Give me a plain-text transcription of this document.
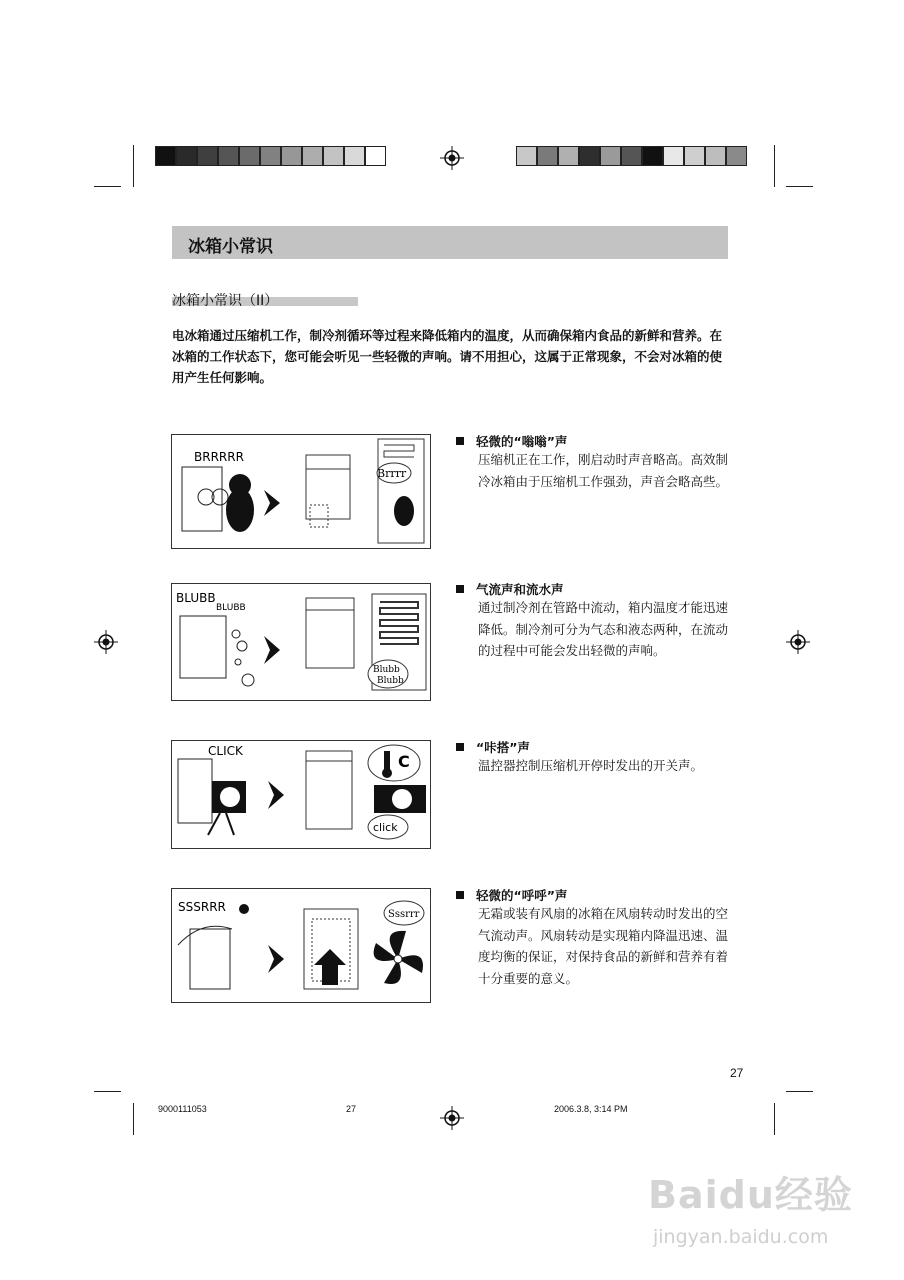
冰箱小常识
冰箱小常识（II）
电冰箱通过压缩机工作，制冷剂循环等过程来降低箱内的温度，从而确保箱内食品的新鲜和营养。在冰箱的工作状态下，您可能会听见一些轻微的声响。请不用担心，这属于正常现象，不会对冰箱的使用产生任何影响。
BRRRRR
Brrrr
轻微的“嗡嗡”声
压缩机正在工作，刚启动时声音略高。高效制冷冰箱由于压缩机工作强劲，声音会略高些。
BLUBB
BLUBB
Blubb
Blubb
气流声和流水声
通过制冷剂在管路中流动，箱内温度才能迅速降低。制冷剂可分为气态和液态两种，在流动的过程中可能会发出轻微的声响。
CLICK
C
click
“咔搭”声
温控器控制压缩机开停时发出的开关声。
SSSRRR
Sssrrr
轻微的“呼呼”声
无霜或装有风扇的冰箱在风扇转动时发出的空气流动声。风扇转动是实现箱内降温迅速、温度均衡的保证，对保持食品的新鲜和营养有着十分重要的意义。
27
9000111053	27	2006.3.8, 3:14 PM
Baidu经验
jingyan.baidu.com
